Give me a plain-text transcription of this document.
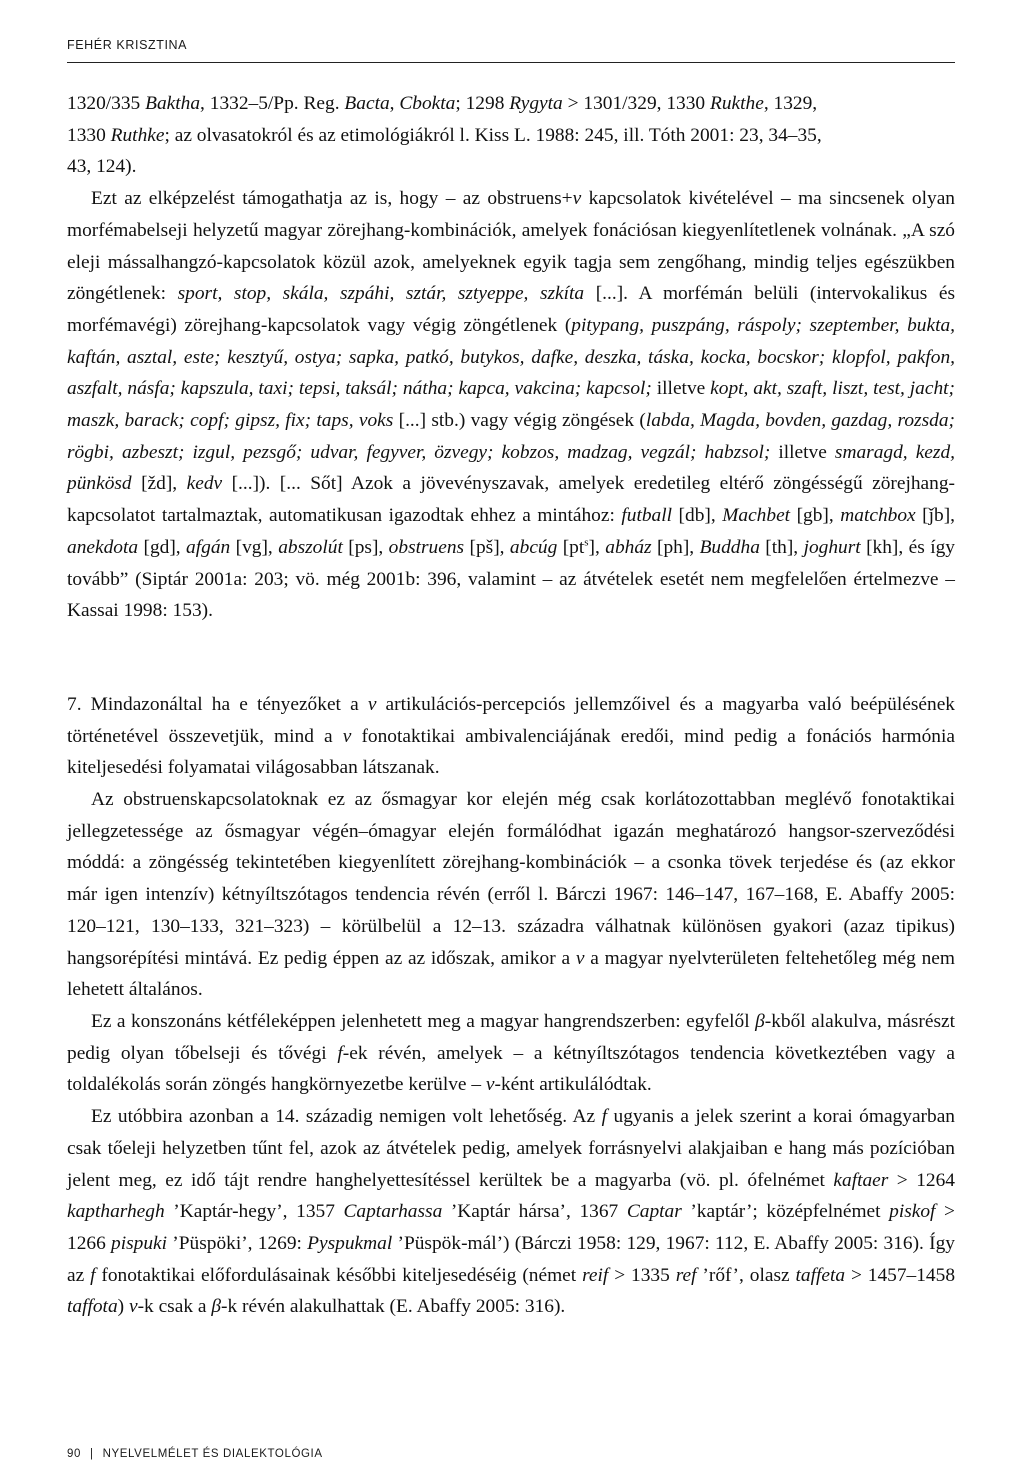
FEHÉR KRISZTINA

1320/335 Baktha, 1332–5/Pp. Reg. Bacta, Cbokta; 1298 Rygyta > 1301/329, 1330 Rukthe, 1329,

1330 Ruthke; az olvasatokról és az etimológiákról l. Kiss L. 1988: 245, ill. Tóth 2001: 23, 34–35,

43, 124).

Ezt az elképzelést támogathatja az is, hogy – az obstruens+v kapcsolatok kivételével – ma sincsenek olyan morfémabelseji helyzetű magyar zörejhang-kombinációk, amelyek fonációsan kiegyenlítetlenek volnának. „A szó eleji mássalhangzó-kapcsolatok közül azok, amelyeknek egyik tagja sem zengőhang, mindig teljes egészükben zöngétlenek: sport, stop, skála, szpáhi, sztár, sztyeppe, szkíta [...]. A morfémán belüli (intervokalikus és morfémavégi) zörejhang-kapcsolatok vagy végig zöngétlenek (pitypang, puszpáng, ráspoly; szeptember, bukta, kaftán, asztal, este; kesztyű, ostya; sapka, patkó, butykos, dafke, deszka, táska, kocka, bocskor; klopfol, pakfon, aszfalt, násfa; kapszula, taxi; tepsi, taksál; nátha; kapca, vakcina; kapcsol; illetve kopt, akt, szaft, liszt, test, jacht; maszk, barack; copf; gipsz, fix; taps, voks [...] stb.) vagy végig zöngések (labda, Magda, bovden, gazdag, rozsda; rögbi, azbeszt; izgul, pezsgő; udvar, fegyver, özvegy; kobzos, madzag, vegzál; habzsol; illetve smaragd, kezd, pünkösd [žd], kedv [...]). [... Sőt] Azok a jövevényszavak, amelyek eredetileg eltérő zöngésségű zörejhang-kapcsolatot tartalmaztak, automatikusan igazodtak ehhez a mintához: futball [db], Machbet [gb], matchbox [ǰb], anekdota [gd], afgán [vg], abszolút [ps], obstruens [pš], abcúg $[pt^s]$, abház [ph], Buddha [th], joghurt [kh], és így tovább” (Siptár 2001a: 203; vö. még 2001b: 396, valamint – az átvételek esetét nem megfelelően értelmezve – Kassai 1998: 153).

7. Mindazonáltal ha e tényezőket a v artikulációs-percepciós jellemzőivel és a magyarba való beépülésének történetével összevetjük, mind a v fonotaktikai ambivalenciájának eredői, mind pedig a fonációs harmónia kiteljesedési folyamatai világosabban látszanak.

Az obstruenskapcsolatoknak ez az ősmagyar kor elején még csak korlátozottabban meglévő fonotaktikai jellegzetessége az ősmagyar végén–ómagyar elején formálódhat igazán meghatározó hangsor-szerveződési móddá: a zöngésség tekintetében kiegyenlített zörejhang-kombinációk – a csonka tövek terjedése és (az ekkor már igen intenzív) kétnyíltszótagos tendencia révén (erről l. Bárczi 1967: 146–147, 167–168, E. Abaffy 2005: 120–121, 130–133, 321–323) – körülbelül a 12–13. századra válhatnak különösen gyakori (azaz tipikus) hangsorépítési mintává. Ez pedig éppen az az időszak, amikor a v a magyar nyelvterületen feltehetőleg még nem lehetett általános.

Ez a konszonáns kétféleképpen jelenhetett meg a magyar hangrendszerben: egyfelől β-kből alakulva, másrészt pedig olyan tőbelseji és tővégi f-ek révén, amelyek – a kétnyíltszótagos tendencia következtében vagy a toldalékolás során zöngés hangkörnyezetbe kerülve – v-ként artikulálódtak.

Ez utóbbira azonban a 14. századig nemigen volt lehetőség. Az f ugyanis a jelek szerint a korai ómagyarban csak tőeleji helyzetben tűnt fel, azok az átvételek pedig, amelyek forrásnyelvi alakjaiban e hang más pozícióban jelent meg, ez idő tájt rendre hanghelyettesítéssel kerültek be a magyarba (vö. pl. ófelnémet kaftaer > 1264 kaptharhegh ’Kaptár-hegy’, 1357 Captarhassa ’Kaptár hársa’, 1367 Captar ’kaptár’; középfelnémet piskof > 1266 pispuki ’Püspöki’, 1269: Pyspukmal ’Püspök-mál’) (Bárczi 1958: 129, 1967: 112, E. Abaffy 2005: 316). Így az f fonotaktikai előfordulásainak későbbi kiteljesedéséig (német reif > 1335 ref ’rőf’, olasz taffeta > 1457–1458 taffota) v-k csak a β-k révén alakulhattak (E. Abaffy 2005: 316).

90 | NYELVELMÉLET ÉS DIALEKTOLÓGIA
